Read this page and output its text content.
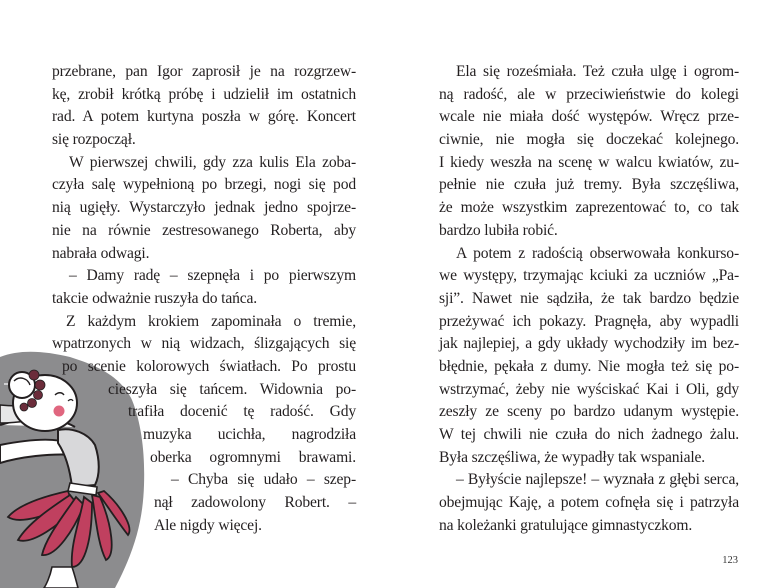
przebrane, pan Igor zaprosił je na rozgrzew-
kę, zrobił krótką próbę i udzielił im ostatnich
rad. A potem kurtyna poszła w górę. Koncert
się rozpoczął.
W pierwszej chwili, gdy zza kulis Ela zoba-
czyła salę wypełnioną po brzegi, nogi się pod
nią ugięły. Wystarczyło jednak jedno spojrze-
nie na równie zestresowanego Roberta, aby
nabrała odwagi.
– Damy radę – szepnęła i po pierwszym
takcie odważnie ruszyła do tańca.
Z każdym krokiem zapominała o tremie,
wpatrzonych w nią widzach, ślizgających się
po scenie kolorowych światłach. Po prostu
cieszyła się tańcem. Widownia po-
trafiła docenić tę radość. Gdy
muzyka ucichła, nagrodziła
oberka ogromnymi brawami.
– Chyba się udało – szep-
nął zadowolony Robert. –
Ale nigdy więcej.
Ela się roześmiała. Też czuła ulgę i ogrom-
ną radość, ale w przeciwieństwie do kolegi
wcale nie miała dość występów. Wręcz prze-
ciwnie, nie mogła się doczekać kolejnego.
I kiedy weszła na scenę w walcu kwiatów, zu-
pełnie nie czuła już tremy. Była szczęśliwa,
że może wszystkim zaprezentować to, co tak
bardzo lubiła robić.
A potem z radością obserwowała konkurso-
we występy, trzymając kciuki za uczniów „Pa-
sji”. Nawet nie sądziła, że tak bardzo będzie
przeżywać ich pokazy. Pragnęła, aby wypadli
jak najlepiej, a gdy układy wychodziły im bez-
błędnie, pękała z dumy. Nie mogła też się po-
wstrzymać, żeby nie wyściskać Kai i Oli, gdy
zeszły ze sceny po bardzo udanym występie.
W tej chwili nie czuła do nich żadnego żalu.
Była szczęśliwa, że wypadły tak wspaniale.
– Byłyście najlepsze! – wyznała z głębi serca,
obejmując Kaję, a potem cofnęła się i patrzyła
na koleżanki gratulujące gimnastyczkom.
123
